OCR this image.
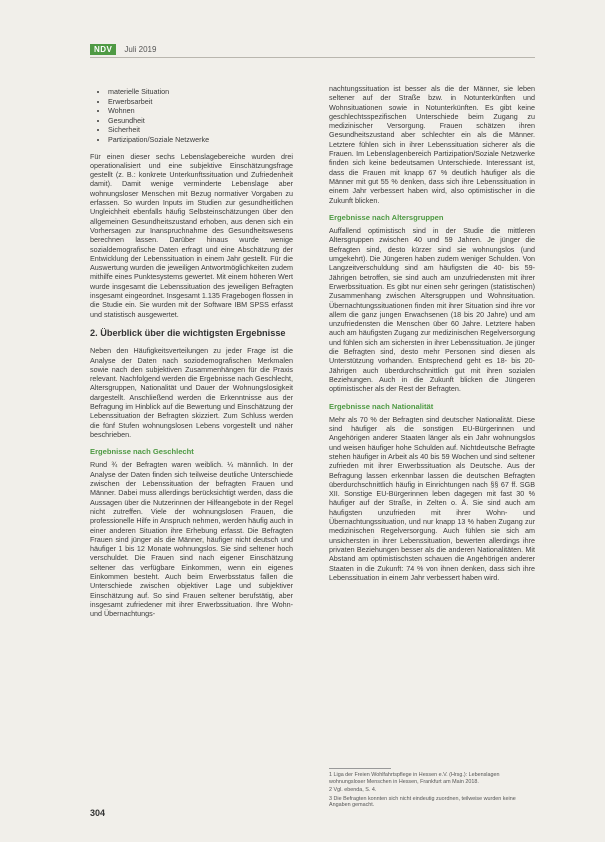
NDV	Juli 2019
• materielle Situation
• Erwerbsarbeit
• Wohnen
• Gesundheit
• Sicherheit
• Partizipation/Soziale Netzwerke

Für einen dieser sechs Lebenslagebereiche wurden drei operationalisiert und eine subjektive Einschätzungsfrage gestellt (z. B.: konkrete Unterkunftssituation und Zufriedenheit damit). Damit wenige verminderte Lebenslage aber wohnungsloser Menschen mit Bezug normativer Vorgaben zu erfassen. So wurden Inputs im Studien zur gesundheitlichen Ungleichheit ebenfalls häufig Selbsteinschätzungen über den allgemeinen Gesundheitszustand erhoben, aus denen sich ein Vorhersagen zur Inanspruchnahme des Gesundheitswesens berechnen lassen. Darüber hinaus wurde wenige sozialdemografische Daten erfragt und eine Abschätzung der Entwicklung der Lebenssituation in einem Jahr gestellt. Für die Auswertung wurden die jeweiligen Antwortmöglichkeiten zudem mithilfe eines Punktesystems gewertet. Mit einem höheren Wert wurde insgesamt die Lebenssituation des jeweiligen Befragten insgesamt eingeordnet. Insgesamt 1.135 Fragebogen flossen in die Studie ein. Sie wurden mit der Software IBM SPSS erfasst und statistisch ausgewertet.

2. Überblick über die wichtigsten Ergebnisse

Neben den Häufigkeitsverteilungen zu jeder Frage ist die Analyse der Daten nach soziodemografischen Merkmalen sowie nach den subjektiven Zusammenhängen für die Praxis relevant. Nachfolgend werden die Ergebnisse nach Geschlecht, Altersgruppen, Nationalität und Dauer der Wohnungslosigkeit dargestellt. Anschließend werden die Erkenntnisse aus der Befragung im Hinblick auf die Bewertung und Einschätzung der Lebenssituation der Befragten skizziert. Zum Schluss werden die fünf Stufen wohnungslosen Lebens vorgestellt und näher beschrieben.

Ergebnisse nach Geschlecht

Rund ¾ der Befragten waren weiblich. ¼ männlich. In der Analyse der Daten finden sich teilweise deutliche Unterschiede zwischen der Lebenssituation der befragten Frauen und Männer. Dabei muss allerdings berücksichtigt werden, dass die Aussagen über die Nutzerinnen der Hilfeangebote in der Regel nicht zutreffen. Viele der wohnungslosen Frauen, die professionelle Hilfe in Anspruch nehmen, werden häufig auch in einer anderen Situation ihre Erhebung erfasst. Die Befragten Frauen sind jünger als die Männer, häufiger nicht deutsch und häufiger 1 bis 12 Monate wohnungslos. Sie sind seltener hoch verschuldet. Die Frauen sind nach eigener Einschätzung seltener das verfügbare Einkommen, wenn ein eigenes Einkommen besteht. Auch beim Erwerbsstatus fallen die Unterschiede zwischen objektiver Lage und subjektiver Einschätzung auf. So sind Frauen seltener berufstätig, aber insgesamt zufriedener mit ihrer Erwerbssituation. Ihre Wohn- und Übernachtungs-

nachtungssituation ist besser als die der Männer, sie leben seltener auf der Straße bzw. in Notunterkünften und Wohnsituationen sowie in Notunterkünften. Es gibt keine geschlechtsspezifischen Unterschiede beim Zugang zu medizinischer Versorgung. Frauen schätzen ihren Gesundheitszustand aber schlechter ein als die Männer. Letztere fühlen sich in ihrer Lebenssituation sicherer als die Frauen. Im Lebenslagenbereich Partizipation/Soziale Netzwerke finden sich keine bedeutsamen Unterschiede. Interessant ist, dass die Frauen mit knapp 67 % deutlich häufiger als die Männer mit gut 55 % denken, dass sich ihre Lebenssituation in einem Jahr verbessert haben wird, also optimistischer in die Zukunft blicken.

Ergebnisse nach Altersgruppen

Auffallend optimistisch sind in der Studie die mittleren Altersgruppen zwischen 40 und 59 Jahren. Je jünger die Befragten sind, desto kürzer sind sie wohnungslos (und umgekehrt). Die Jüngeren haben zudem weniger Schulden. Von Langzeitverschuldung sind am häufigsten die 40- bis 59-Jährigen betroffen, sie sind auch am unzufriedensten mit ihrer Erwerbssituation. Es gibt nur einen sehr geringen (statistischen) Zusammenhang zwischen Altersgruppen und Wohnsituation. Übernachtungssituationen finden mit ihrer Situation sind ihre vor allem die ganz jungen Erwachsenen (18 bis 20 Jahre) und am unzufriedensten die Menschen über 60 Jahre. Letztere haben auch am häufigsten Zugang zur medizinischen Regelversorgung und fühlen sich am sichersten in ihrer Lebenssituation. Je jünger die Befragten sind, desto mehr Personen sind diesen als Unterstützung vorhanden. Entsprechend geht es 18- bis 20-Jährigen auch überdurchschnittlich gut mit ihren sozialen Beziehungen. Auch in die Zukunft blicken die Jüngeren optimistischer als der Rest der Befragten.

Ergebnisse nach Nationalität

Mehr als 70 % der Befragten sind deutscher Nationalität. Diese sind häufiger als die sonstigen EU-Bürgerinnen und Angehörigen anderer Staaten länger als ein Jahr wohnungslos und weisen häufiger hohe Schulden auf. Nichtdeutsche Befragte stehen häufiger in Arbeit als 40 bis 59 Wochen und sind seltener zufrieden mit ihrer Erwerbssituation als Deutsche. Aus der Befragung lassen erkennbar lassen die deutschen Befragten überdurchschnittlich häufig in Einrichtungen nach §§ 67 ff. SGB XII. Sonstige EU-Bürgerinnen leben dagegen mit fast 30 % häufiger auf der Straße, in Zelten o. Ä. Sie sind auch am häufigsten unzufrieden mit ihrer Wohn- und Übernachtungssituation, und nur knapp 13 % haben Zugang zur medizinischen Regelversorgung. Auch fühlen sie sich am unsichersten in ihrer Lebenssituation, bewerten allerdings ihre privaten Beziehungen besser als die anderen Nationalitäten. Mit Abstand am optimistischsten schauen die Angehörigen anderer Staaten in die Zukunft: 74 % von ihnen denken, dass sich ihre Lebenssituation in einem Jahr verbessert haben wird.

1 Liga der Freien Wohlfahrtspflege in Hessen e.V. (Hrsg.): Lebenslagen wohnungsloser Menschen in Hessen, Frankfurt am Main 2018.

2 Vgl. ebenda, S. 4.

3 Die Befragten konnten sich nicht eindeutig zuordnen, teilweise wurden keine Angaben gemacht.

304
